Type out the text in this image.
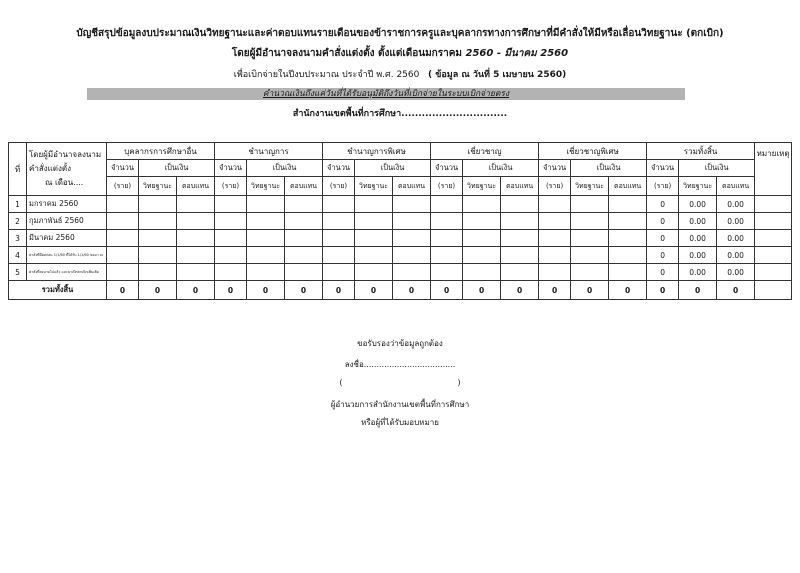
บัญชีสรุปข้อมูลงบประมาณเงินวิทยฐานะและค่าตอบแทนรายเดือนของข้าราชการครูและบุคลากรทางการศึกษาที่มีคำสั่งให้มีหรือเลื่อนวิทยฐานะ (ตกเบิก)
โดยผู้มีอำนาจลงนามคำสั่งแต่งตั้ง ตั้งแต่เดือนมกราคม 2560 - มีนาคม 2560
เพื่อเบิกจ่ายในปีงบประมาณ ประจำปี พ.ศ. 2560 ( ข้อมูล ณ วันที่ 5 เมษายน 2560)
คำนวณเงินถึงแค่วันที่ได้รับอนุมัติถึงวันที่เบิกจ่ายในระบบเบิกจ่ายตรง
สำนักงานเขตพื้นที่การศึกษา...............................
ที่	โดยผู้มีอำนาจลงนาม
คำสั่งแต่งตั้ง
ณ เดือน....	บุคลากรการศึกษาอื่น			ชำนาญการ			ชำนาญการพิเศษ			เชี่ยวชาญ			เชี่ยวชาญพิเศษ			รวมทั้งสิ้น			หมายเหตุ
		จำนวน	เป็นเงิน		จำนวน	เป็นเงิน		จำนวน	เป็นเงิน		จำนวน	เป็นเงิน		จำนวน	เป็นเงิน		จำนวน	เป็นเงิน		
		(ราย)	วิทยฐานะ	ตอบแทน	(ราย)	วิทยฐานะ	ตอบแทน	(ราย)	วิทยฐานะ	ตอบแทน	(ราย)	วิทยฐานะ	ตอบแทน	(ราย)	วิทยฐานะ	ตอบแทน	(ราย)	วิทยฐานะ	ตอบแทน	
1	มกราคม 2560																0	0.00	0.00	
2	กุมภาพันธ์ 2560																0	0.00	0.00	
3	มีนาคม 2560																0	0.00	0.00	
4	ค่าสั่งที่มีผลก่อน 1/1/60 ที่ได้รับ 1/1/60 ขอมา ณ																0	0.00	0.00	
5	ค่าสั่งที่ลงนามไปแล้ว และมาเบิกตกเบิกเพิ่มเติม																0	0.00	0.00	
รวมทั้งสิ้น		0	0	0	0	0	0	0	0	0	0	0	0	0	0	0	0	0	0	
ขอรับรองว่าข้อมูลถูกต้อง
ลงชื่อ....................................
(	)
ผู้อำนวยการสำนักงานเขตพื้นที่การศึกษา
หรือผู้ที่ได้รับมอบหมาย
